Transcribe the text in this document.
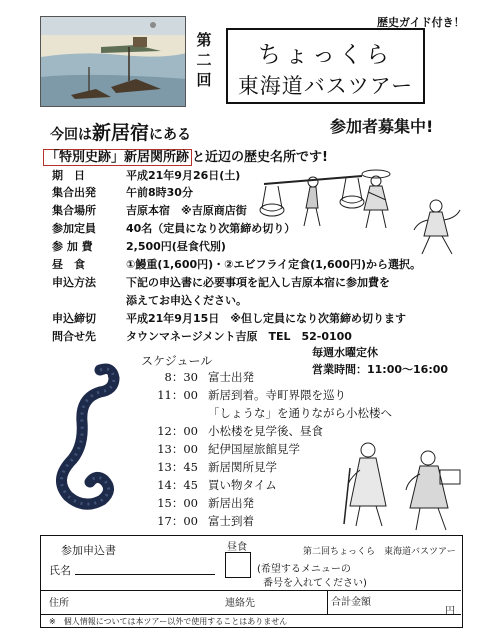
歴史ガイド付き！
第
二
回
ちょっくら
東海道バスツアー
今回は新居宿にある	参加者募集中!
「特別史跡」新居関所跡 と近辺の歴史名所です!
期　日	平成21年9月26日(土)
集合出発	午前8時30分
集合場所	吉原本宿　※吉原商店街
参加定員	40名（定員になり次第締め切り）
参 加 費	2,500円(昼食代別)
昼　食	①鰻重(1,600円)・②エビフライ定食(1,600円)から選択。
申込方法	下記の申込書に必要事項を記入し吉原本宿に参加費を
添えてお申込ください。
申込締切	平成21年9月15日　※但し定員になり次第締め切ります
問合せ先	タウンマネージメント吉原　TEL　52-0100
毎週水曜定休
営業時間：11:00〜16:00
スケジュール
8：30 富士出発
11：00 新居到着。寺町界隈を巡り
「しょうな」を通りながら小松楼へ
12：00 小松楼を見学後、昼食
13：00 紀伊国屋旅館見学
13：45 新居関所見学
14：45 買い物タイム
15：00 新居出発
17：00 富士到着
参加申込書	昼食	第二回ちょっくら　東海道バスツアー
氏名	(希望するメニューの
番号を入れてください)
住所	連絡先	合計金額
円
※　個人情報については本ツアー以外で使用することはありません
